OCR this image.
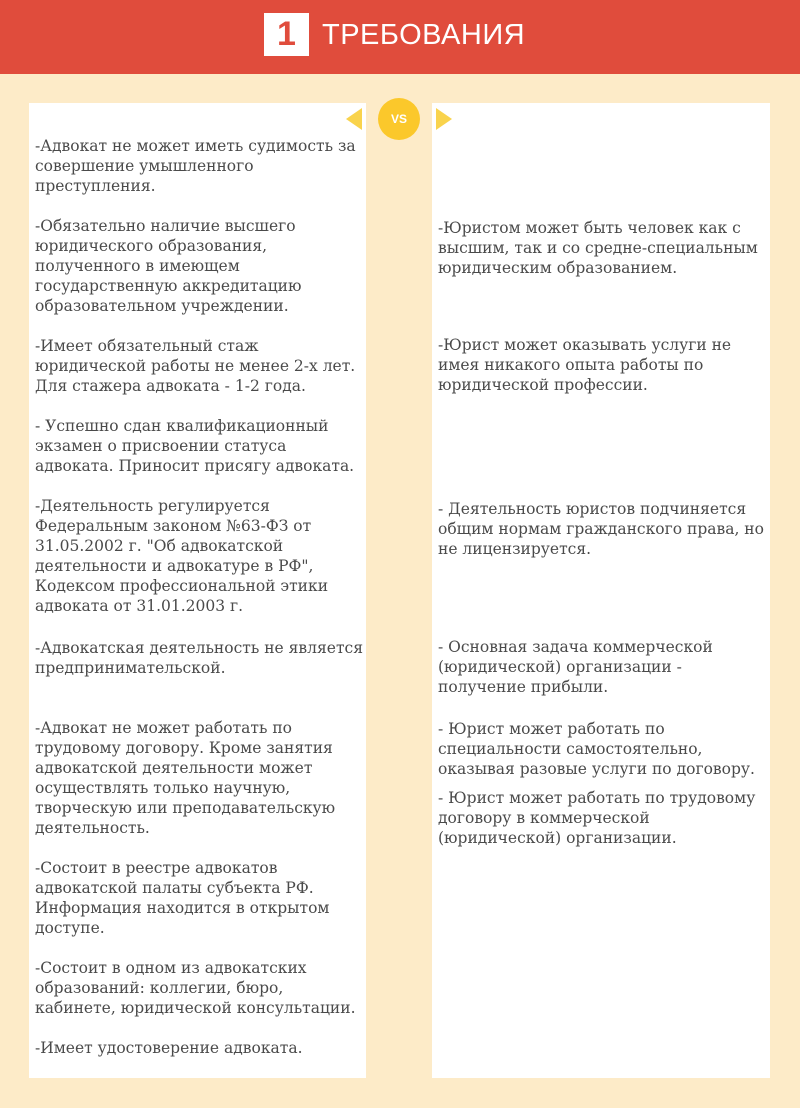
1 ТРЕБОВАНИЯ
-Адвокат не может иметь судимость за совершение умышленного преступления.
-Обязательно наличие высшего юридического образования, полученного в имеющем государственную аккредитацию образовательном учреждении.
-Имеет обязательный стаж юридической работы не менее 2-х лет. Для стажера адвоката - 1-2 года.
- Успешно сдан квалификационный экзамен о присвоении статуса адвоката. Приносит присягу адвоката.
-Деятельность регулируется Федеральным законом №63-ФЗ от 31.05.2002 г. "Об адвокатской деятельности и адвокатуре в РФ", Кодексом профессиональной этики адвоката от 31.01.2003 г.
-Адвокатская деятельность не является предпринимательской.
-Адвокат не может работать по трудовому договору. Кроме занятия адвокатской деятельности может осуществлять только научную, творческую или преподавательскую деятельность.
-Состоит в реестре адвокатов адвокатской палаты субъекта РФ. Информация находится в открытом доступе.
-Состоит в одном из адвокатских образований: коллегии, бюро, кабинете, юридической консультации.
-Имеет удостоверение адвоката.
-Юристом может быть человек как с высшим, так и со средне-специальным юридическим образованием.
-Юрист может оказывать услуги не имея никакого опыта работы по юридической профессии.
- Деятельность юристов подчиняется общим нормам гражданского права, но не лицензируется.
- Основная задача коммерческой (юридической) организации - получение прибыли.
- Юрист может работать по специальности самостоятельно, оказывая разовые услуги по договору.
- Юрист может работать по трудовому договору в коммерческой (юридической) организации.
VS
